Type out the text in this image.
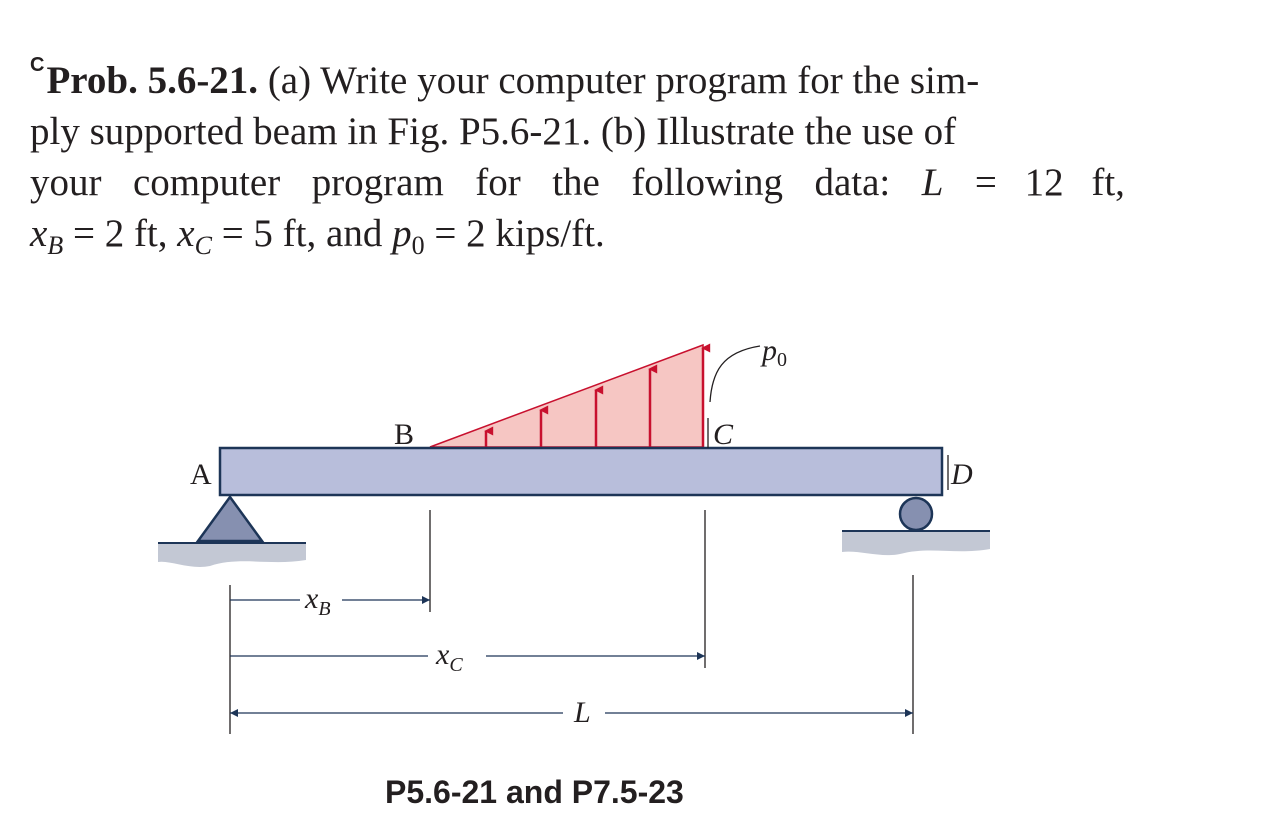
$^C$Prob. 5.6-21. (a) Write your computer program for the sim-
ply supported beam in Fig. P5.6-21. (b) Illustrate the use of
your computer program for the following data: L = 12 ft,
$x_B = 2$ ft, $x_C = 5$ ft, and $p_0 = 2$ kips/ft.
$p_0$
A
B	C
D
$x_B$
$x_C$
L
P5.6-21 and P7.5-23
